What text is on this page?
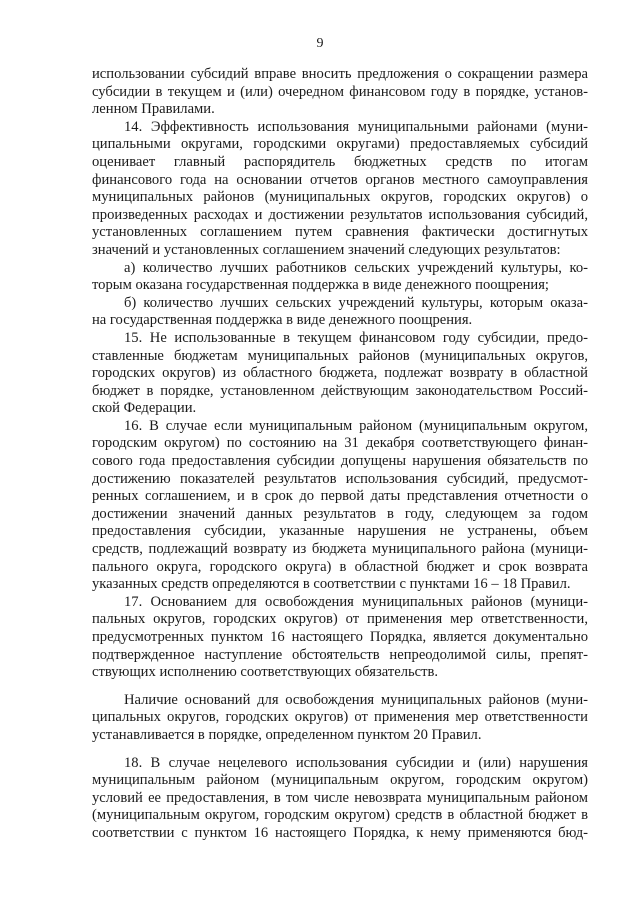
9
использовании субсидий вправе вносить предложения о сокращении размера
субсидии в текущем и (или) очередном финансовом году в порядке, установ-
ленном Правилами.
14. Эффективность использования муниципальными районами (муни-
ципальными округами, городскими округами) предоставляемых субсидий
оценивает главный распорядитель бюджетных средств по итогам
финансового года на основании отчетов органов местного самоуправления
муниципальных районов (муниципальных округов, городских округов) о
произведенных расходах и достижении результатов использования субсидий,
установленных соглашением путем сравнения фактически достигнутых
значений и установленных соглашением значений следующих результатов:
а) количество лучших работников сельских учреждений культуры, ко-
торым оказана государственная поддержка в виде денежного поощрения;
б) количество лучших сельских учреждений культуры, которым оказа-
на государственная поддержка в виде денежного поощрения.
15. Не использованные в текущем финансовом году субсидии, предо-
ставленные бюджетам муниципальных районов (муниципальных округов,
городских округов) из областного бюджета, подлежат возврату в областной
бюджет в порядке, установленном действующим законодательством Россий-
ской Федерации.
16. В случае если муниципальным районом (муниципальным округом,
городским округом) по состоянию на 31 декабря соответствующего финан-
сового года предоставления субсидии допущены нарушения обязательств по
достижению показателей результатов использования субсидий, предусмот-
ренных соглашением, и в срок до первой даты представления отчетности о
достижении значений данных результатов в году, следующем за годом
предоставления субсидии, указанные нарушения не устранены, объем
средств, подлежащий возврату из бюджета муниципального района (муници-
пального округа, городского округа) в областной бюджет и срок возврата
указанных средств определяются в соответствии с пунктами 16 – 18 Правил.
17. Основанием для освобождения муниципальных районов (муници-
пальных округов, городских округов) от применения мер ответственности,
предусмотренных пунктом 16 настоящего Порядка, является документально
подтвержденное наступление обстоятельств непреодолимой силы, препят-
ствующих исполнению соответствующих обязательств.
Наличие оснований для освобождения муниципальных районов (муни-
ципальных округов, городских округов) от применения мер ответственности
устанавливается в порядке, определенном пунктом 20 Правил.
18. В случае нецелевого использования субсидии и (или) нарушения
муниципальным районом (муниципальным округом, городским округом)
условий ее предоставления, в том числе невозврата муниципальным районом
(муниципальным округом, городским округом) средств в областной бюджет в
соответствии с пунктом 16 настоящего Порядка, к нему применяются бюд-
